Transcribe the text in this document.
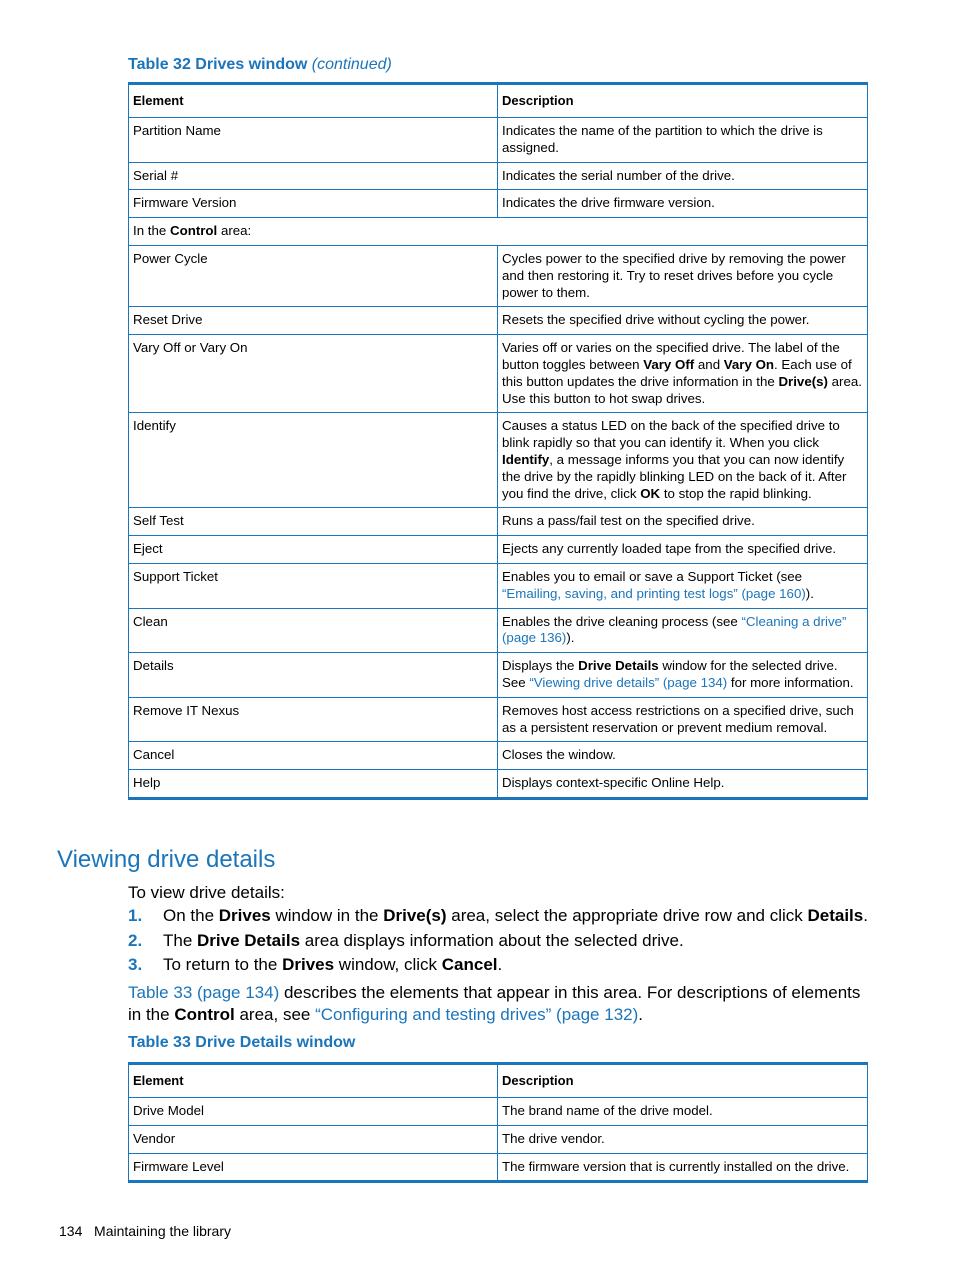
Table 32 Drives window (continued)
Element	Description
Partition Name	Indicates the name of the partition to which the drive is assigned.
Serial #	Indicates the serial number of the drive.
Firmware Version	Indicates the drive firmware version.
In the Control area:	
Power Cycle	Cycles power to the specified drive by removing the power and then restoring it. Try to reset drives before you cycle power to them.
Reset Drive	Resets the specified drive without cycling the power.
Vary Off or Vary On	Varies off or varies on the specified drive. The label of the button toggles between Vary Off and Vary On. Each use of this button updates the drive information in the Drive(s) area. Use this button to hot swap drives.
Identify	Causes a status LED on the back of the specified drive to blink rapidly so that you can identify it. When you click Identify, a message informs you that you can now identify the drive by the rapidly blinking LED on the back of it. After you find the drive, click OK to stop the rapid blinking.
Self Test	Runs a pass/fail test on the specified drive.
Eject	Ejects any currently loaded tape from the specified drive.
Support Ticket	Enables you to email or save a Support Ticket (see “Emailing, saving, and printing test logs” (page 160)).
Clean	Enables the drive cleaning process (see “Cleaning a drive” (page 136)).
Details	Displays the Drive Details window for the selected drive. See “Viewing drive details” (page 134) for more information.
Remove IT Nexus	Removes host access restrictions on a specified drive, such as a persistent reservation or prevent medium removal.
Cancel	Closes the window.
Help	Displays context-specific Online Help.
Viewing drive details
To view drive details:
1. On the Drives window in the Drive(s) area, select the appropriate drive row and click Details.
2. The Drive Details area displays information about the selected drive.
3. To return to the Drives window, click Cancel.
Table 33 (page 134) describes the elements that appear in this area. For descriptions of elements in the Control area, see “Configuring and testing drives” (page 132).
Table 33 Drive Details window
Element	Description
Drive Model	The brand name of the drive model.
Vendor	The drive vendor.
Firmware Level	The firmware version that is currently installed on the drive.
134 Maintaining the library
